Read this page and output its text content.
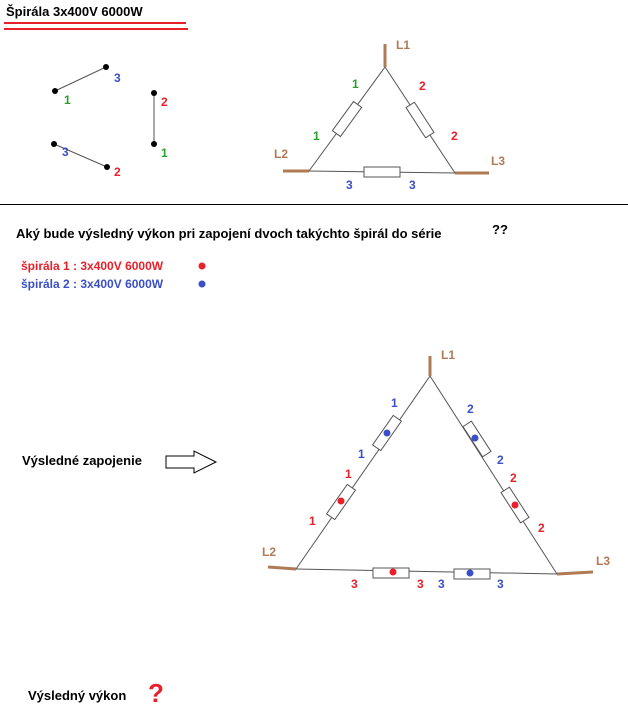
Špirála 3x400V 6000W
1
3
2
1
3
2
L1
L2	L3
1
1
2
2
3	3
L1
L2
L3
1
1
1
1
2
2
2
2
3	3 3	3
Aký bude výsledný výkon pri zapojení dvoch takýchto špirál do série	??
špirála 1 : 3x400V 6000W
špirála 2 : 3x400V 6000W
Výsledné zapojenie
Výsledný výkon ?
